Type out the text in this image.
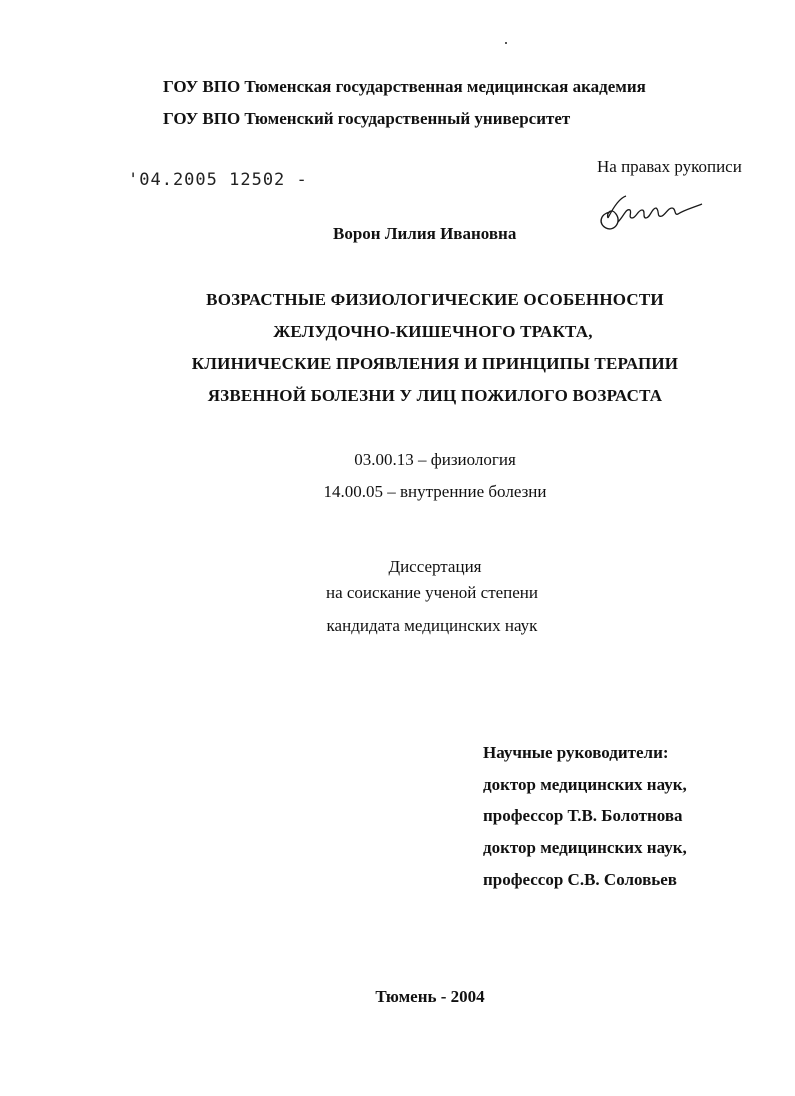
ГОУ ВПО Тюменская государственная медицинская академия
ГОУ ВПО Тюменский государственный университет
'04.2005 12502 -
На правах рукописи
Ворон Лилия Ивановна
ВОЗРАСТНЫЕ ФИЗИОЛОГИЧЕСКИЕ ОСОБЕННОСТИ
ЖЕЛУДОЧНО-КИШЕЧНОГО ТРАКТА,
КЛИНИЧЕСКИЕ ПРОЯВЛЕНИЯ И ПРИНЦИПЫ ТЕРАПИИ
ЯЗВЕННОЙ БОЛЕЗНИ У ЛИЦ ПОЖИЛОГО ВОЗРАСТА
03.00.13 – физиология
14.00.05 – внутренние болезни
Диссертация
на соискание ученой степени
кандидата медицинских наук
Научные руководители:
доктор медицинских наук,
профессор Т.В. Болотнова
доктор медицинских наук,
профессор С.В. Соловьев
Тюмень - 2004
